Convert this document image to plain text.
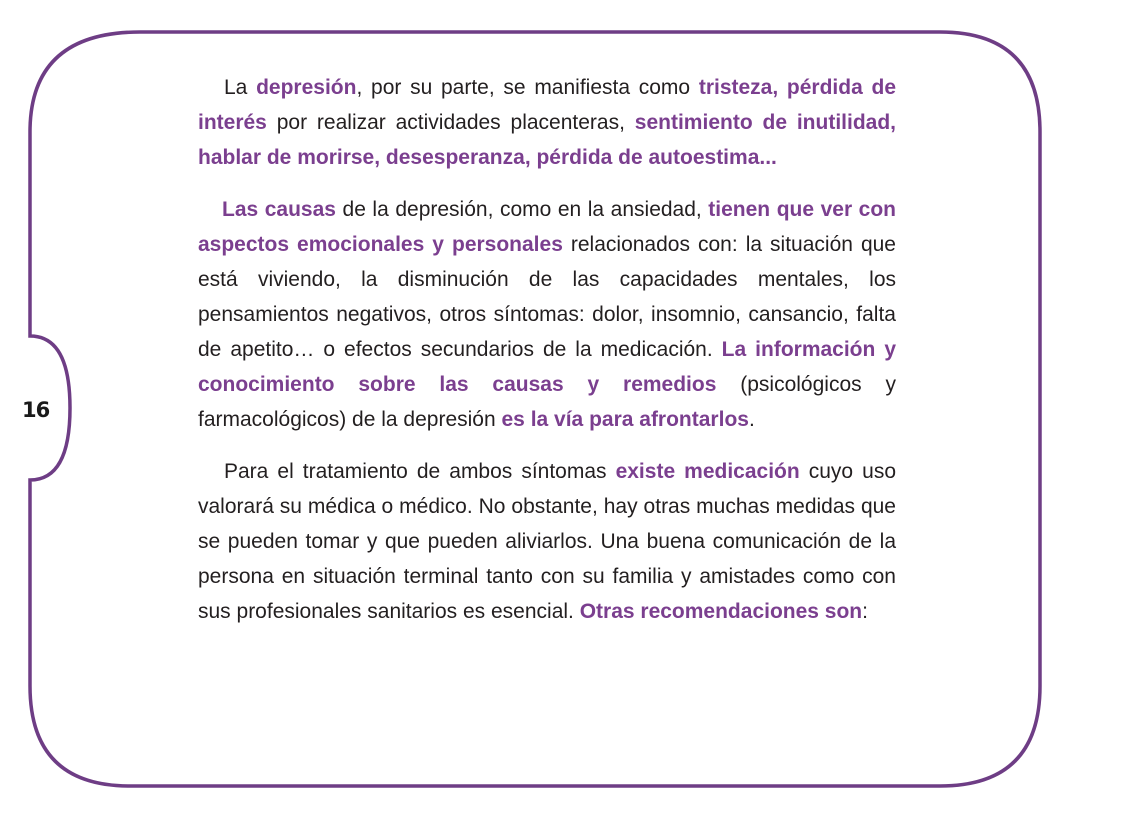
16

La depresión, por su parte, se manifiesta como tristeza, pérdida de interés por realizar actividades placenteras, sentimiento de inutilidad, hablar de morirse, desesperanza, pérdida de autoestima...

Las causas de la depresión, como en la ansiedad, tienen que ver con aspectos emocionales y personales relacionados con: la situación que está viviendo, la disminución de las capacidades mentales, los pensamientos negativos, otros síntomas: dolor, insomnio, cansancio, falta de apetito… o efectos secundarios de la medicación. La información y conocimiento sobre las causas y remedios (psicológicos y farmacológicos) de la depresión es la vía para afrontarlos.

Para el tratamiento de ambos síntomas existe medicación cuyo uso valorará su médica o médico. No obstante, hay otras muchas medidas que se pueden tomar y que pueden aliviarlos. Una buena comunicación de la persona en situación terminal tanto con su familia y amistades como con sus profesionales sanitarios es esencial. Otras recomendaciones son:
